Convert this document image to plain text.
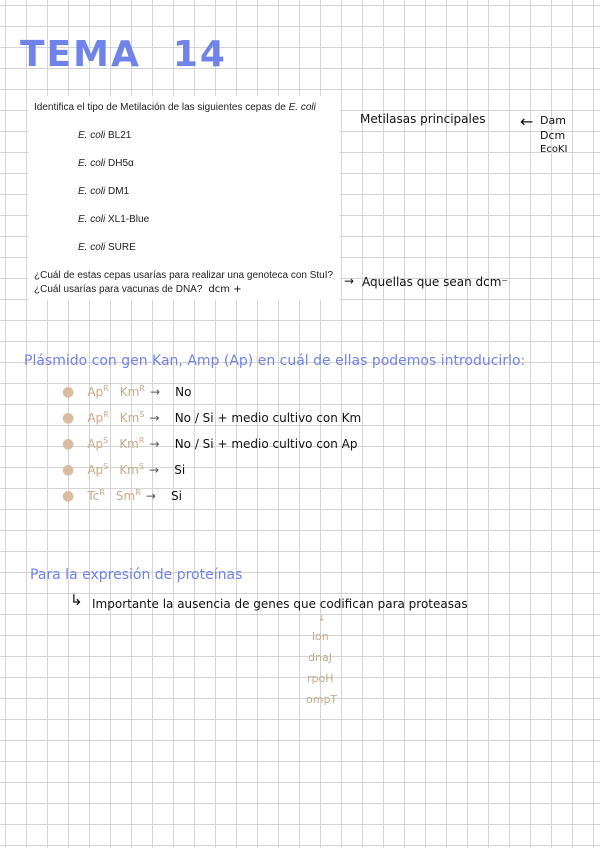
TEMA 14
Identifica el tipo de Metilación de las siguientes cepas de E. coli
E. coli BL21
E. coli DH5α
E. coli DM1
E. coli XL1-Blue
E. coli SURE
¿Cuál de estas cepas usarías para realizar una genoteca con StuI?
¿Cuál usarías para vacunas de DNA? dcm +
Metilasas principales ← Dam
Dcm
EcoKI
→ Aquellas que sean dcm⁻
Plásmido con gen Kan, Amp (Ap) en cuál de ellas podemos introducirlo:
● $Ap^R$ $Km^R \to No$
● $Ap^R$ $Km^S \to No / Si$ + medio cultivo con Km
● $Ap^S$ $Km^R \to No / Si$ + medio cultivo con Ap
● $Ap^S$ $Km^S \to Si$
● $Tc^R$ $Sm^R \to Si$
Para la expresión de proteínas
↳ Importante la ausencia de genes que codifican para proteasas
↓
lon
dnaJ
rpoH
ompT
